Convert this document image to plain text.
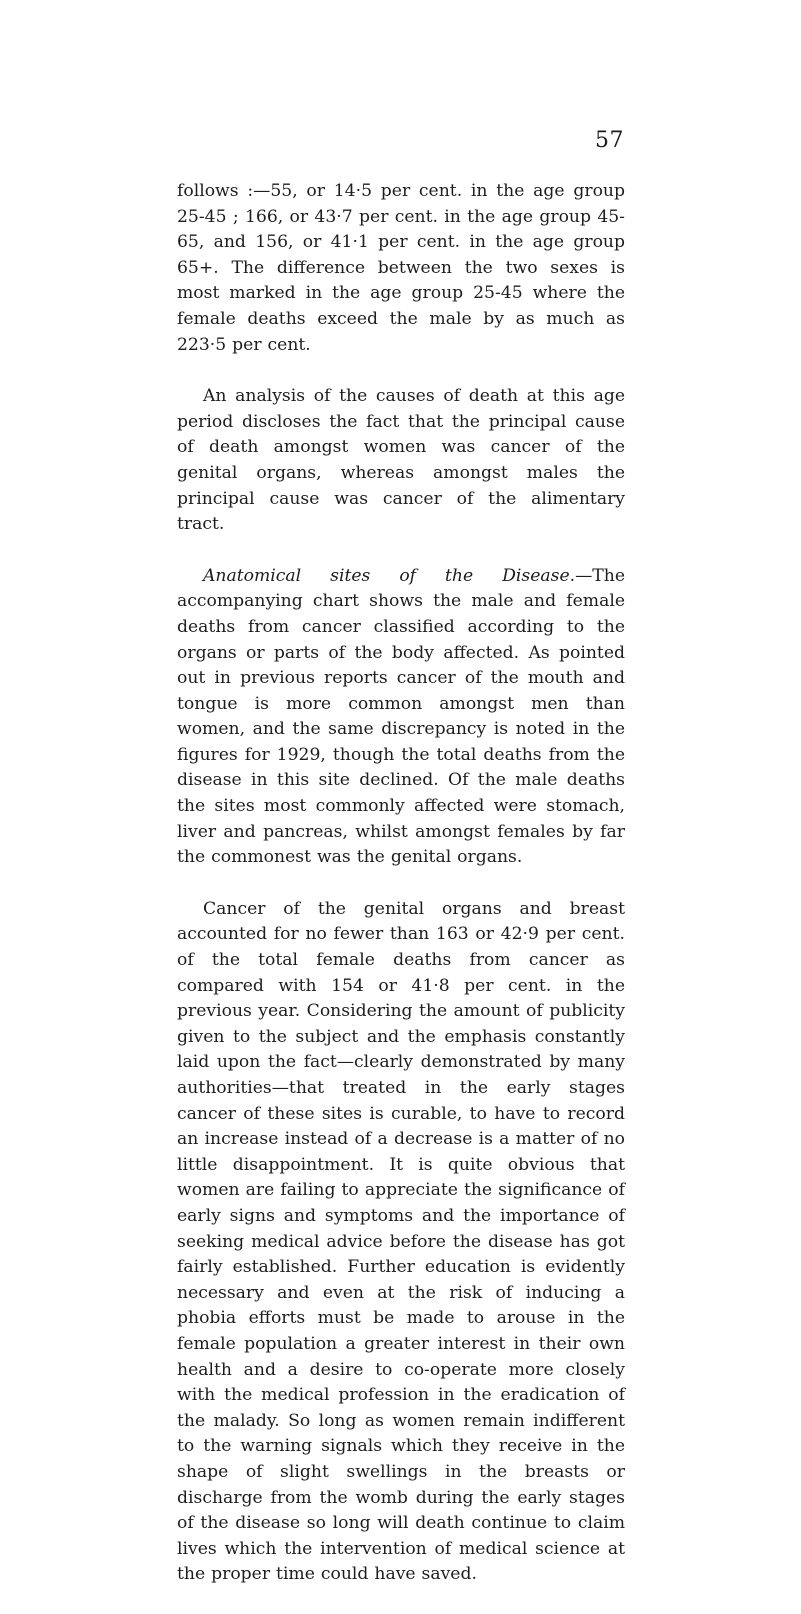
57

follows :—55, or 14·5 per cent. in the age group 25-45 ; 166, or 43·7 per cent. in the age group 45-65, and 156, or 41·1 per cent. in the age group 65+. The difference between the two sexes is most marked in the age group 25-45 where the female deaths exceed the male by as much as 223·5 per cent.

An analysis of the causes of death at this age period discloses the fact that the principal cause of death amongst women was cancer of the genital organs, whereas amongst males the principal cause was cancer of the alimentary tract.

Anatomical sites of the Disease.—The accompanying chart shows the male and female deaths from cancer classified according to the organs or parts of the body affected. As pointed out in previous reports cancer of the mouth and tongue is more common amongst men than women, and the same discrepancy is noted in the figures for 1929, though the total deaths from the disease in this site declined. Of the male deaths the sites most commonly affected were stomach, liver and pancreas, whilst amongst females by far the commonest was the genital organs.

Cancer of the genital organs and breast accounted for no fewer than 163 or 42·9 per cent. of the total female deaths from cancer as compared with 154 or 41·8 per cent. in the previous year. Considering the amount of publicity given to the subject and the emphasis constantly laid upon the fact—clearly demonstrated by many authorities—that treated in the early stages cancer of these sites is curable, to have to record an increase instead of a decrease is a matter of no little disappointment. It is quite obvious that women are failing to appreciate the significance of early signs and symptoms and the importance of seeking medical advice before the disease has got fairly established. Further education is evidently necessary and even at the risk of inducing a phobia efforts must be made to arouse in the female population a greater interest in their own health and a desire to co-operate more closely with the medical profession in the eradication of the malady. So long as women remain indifferent to the warning signals which they receive in the shape of slight swellings in the breasts or discharge from the womb during the early stages of the disease so long will death continue to claim lives which the intervention of medical science at the proper time could have saved.
